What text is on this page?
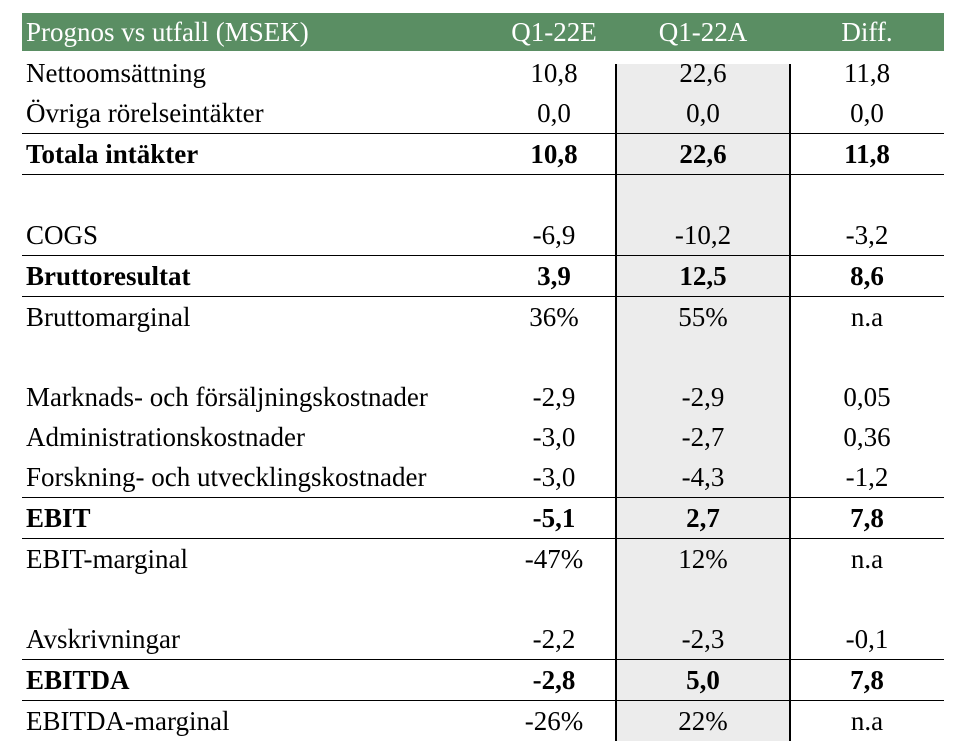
Prognos vs utfall (MSEK)	Q1-22E	Q1-22A	Diff.
Nettoomsättning	10,8	22,6	11,8
Övriga rörelseintäkter	0,0	0,0	0,0
Totala intäkter	10,8	22,6	11,8
COGS	-6,9	-10,2	-3,2
Bruttoresultat	3,9	12,5	8,6
Bruttomarginal	36%	55%	n.a
Marknads- och försäljningskostnader	-2,9	-2,9	0,05
Administrationskostnader	-3,0	-2,7	0,36
Forskning- och utvecklingskostnader	-3,0	-4,3	-1,2
EBIT	-5,1	2,7	7,8
EBIT-marginal	-47%	12%	n.a
Avskrivningar	-2,2	-2,3	-0,1
EBITDA	-2,8	5,0	7,8
EBITDA-marginal	-26%	22%	n.a
